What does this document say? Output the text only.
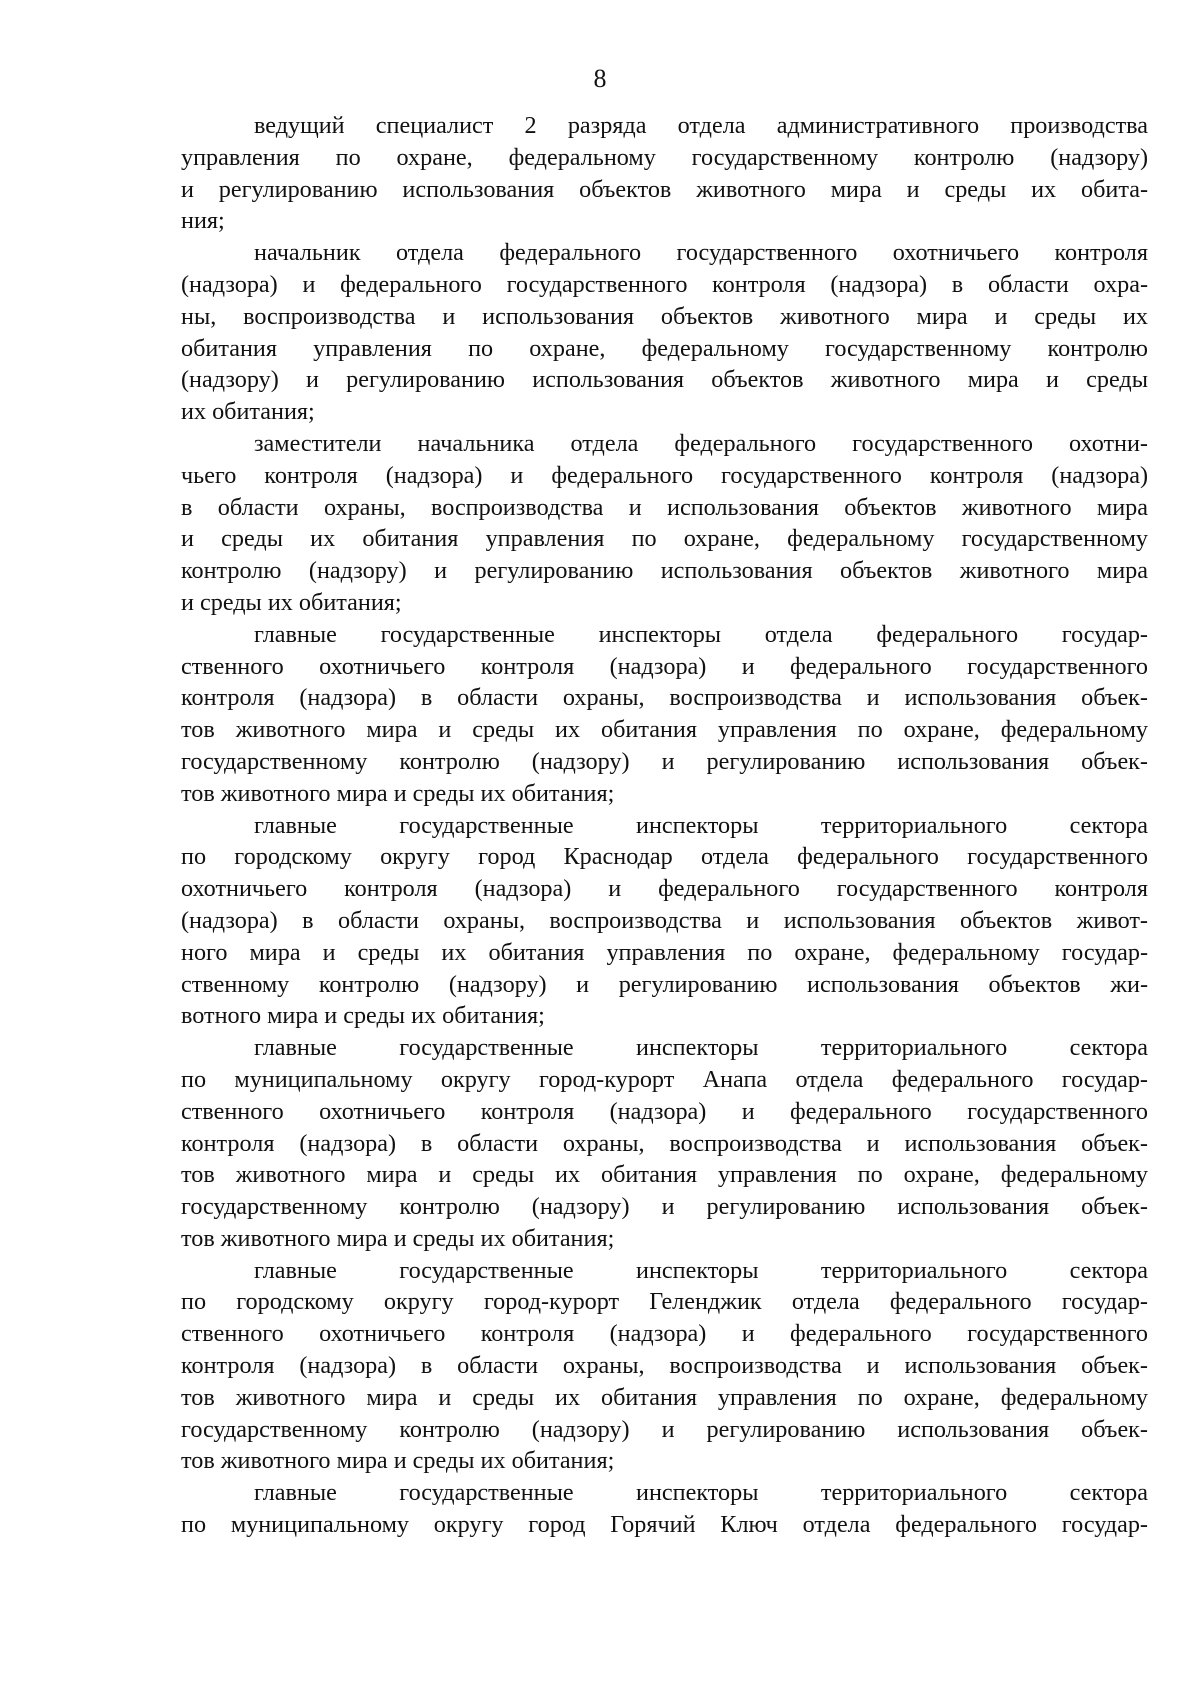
8
ведущий специалист 2 разряда отдела административного производства
управления по охране, федеральному государственному контролю (надзору)
и регулированию использования объектов животного мира и среды их обита-
ния;
начальник отдела федерального государственного охотничьего контроля
(надзора) и федерального государственного контроля (надзора) в области охра-
ны, воспроизводства и использования объектов животного мира и среды их
обитания управления по охране, федеральному государственному контролю
(надзору) и регулированию использования объектов животного мира и среды
их обитания;
заместители начальника отдела федерального государственного охотни-
чьего контроля (надзора) и федерального государственного контроля (надзора)
в области охраны, воспроизводства и использования объектов животного мира
и среды их обитания управления по охране, федеральному государственному
контролю (надзору) и регулированию использования объектов животного мира
и среды их обитания;
главные государственные инспекторы отдела федерального государ-
ственного охотничьего контроля (надзора) и федерального государственного
контроля (надзора) в области охраны, воспроизводства и использования объек-
тов животного мира и среды их обитания управления по охране, федеральному
государственному контролю (надзору) и регулированию использования объек-
тов животного мира и среды их обитания;
главные государственные инспекторы территориального сектора
по городскому округу город Краснодар отдела федерального государственного
охотничьего контроля (надзора) и федерального государственного контроля
(надзора) в области охраны, воспроизводства и использования объектов живот-
ного мира и среды их обитания управления по охране, федеральному государ-
ственному контролю (надзору) и регулированию использования объектов жи-
вотного мира и среды их обитания;
главные государственные инспекторы территориального сектора
по муниципальному округу город-курорт Анапа отдела федерального государ-
ственного охотничьего контроля (надзора) и федерального государственного
контроля (надзора) в области охраны, воспроизводства и использования объек-
тов животного мира и среды их обитания управления по охране, федеральному
государственному контролю (надзору) и регулированию использования объек-
тов животного мира и среды их обитания;
главные государственные инспекторы территориального сектора
по городскому округу город-курорт Геленджик отдела федерального государ-
ственного охотничьего контроля (надзора) и федерального государственного
контроля (надзора) в области охраны, воспроизводства и использования объек-
тов животного мира и среды их обитания управления по охране, федеральному
государственному контролю (надзору) и регулированию использования объек-
тов животного мира и среды их обитания;
главные государственные инспекторы территориального сектора
по муниципальному округу город Горячий Ключ отдела федерального государ-
